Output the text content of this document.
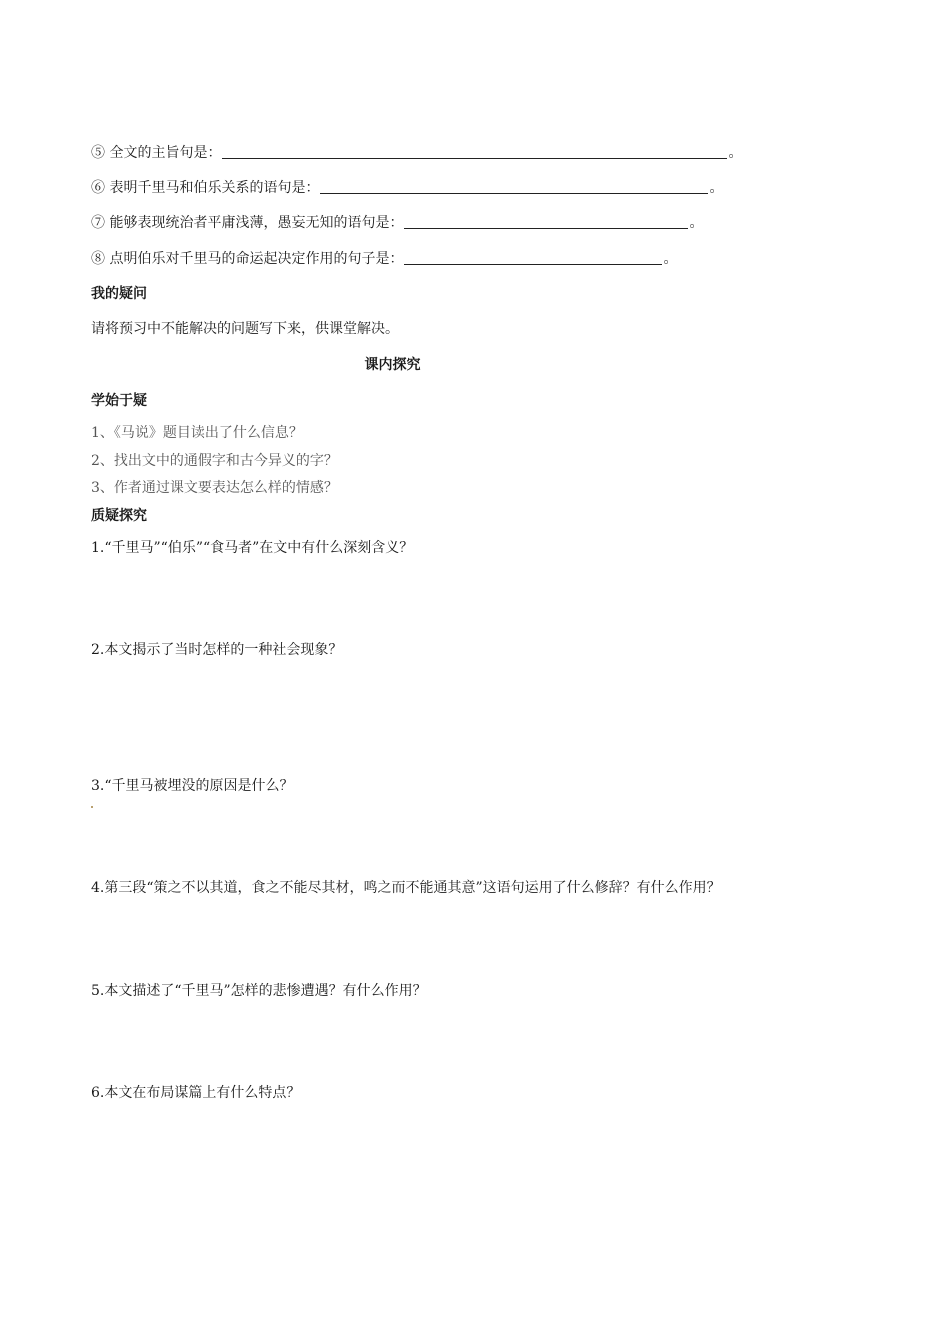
⑤ 全文的主旨句是：	。
⑥ 表明千里马和伯乐关系的语句是：	。
⑦ 能够表现统治者平庸浅薄，愚妄无知的语句是：	。
⑧ 点明伯乐对千里马的命运起决定作用的句子是：	。
我的疑问
请将预习中不能解决的问题写下来，供课堂解决。
课内探究
学始于疑
1、《马说》题目读出了什么信息？
2、找出文中的通假字和古今异义的字？
3、作者通过课文要表达怎么样的情感？
质疑探究
1.“千里马”“伯乐”“食马者”在文中有什么深刻含义？
2.本文揭示了当时怎样的一种社会现象？
3.“千里马被埋没的原因是什么？
4.第三段“策之不以其道，食之不能尽其材，鸣之而不能通其意”这语句运用了什么修辞？有什么作用？
5.本文描述了“千里马”怎样的悲惨遭遇？有什么作用？
6.本文在布局谋篇上有什么特点？
